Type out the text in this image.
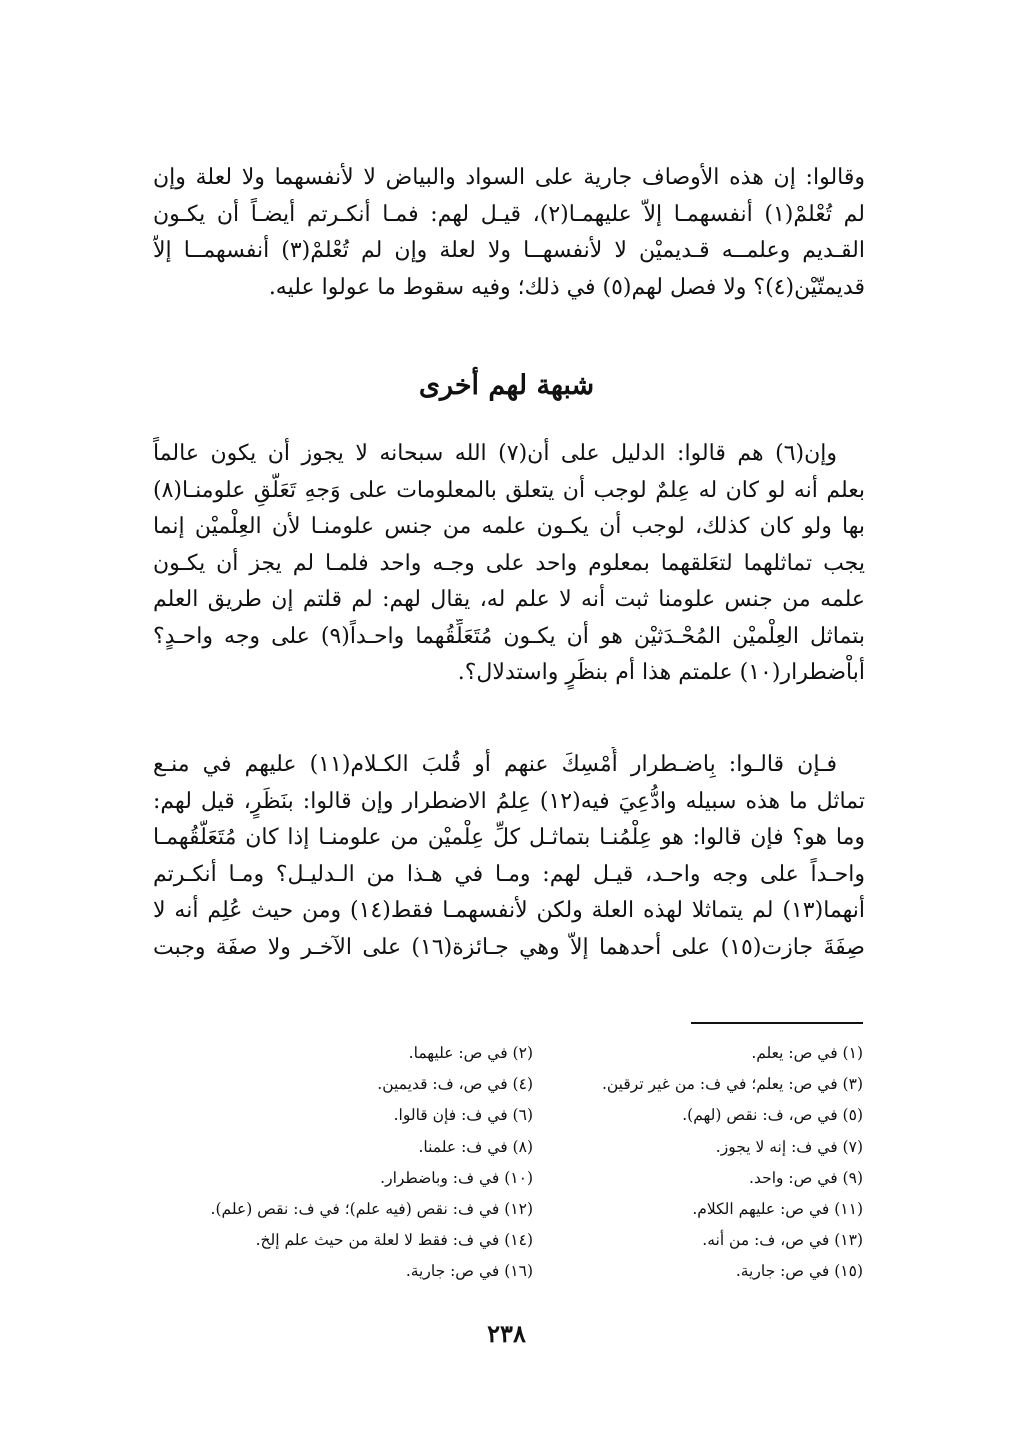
وقالوا: إن هذه الأوصاف جارية على السواد والبياض لا لأنفسهما ولا لعلة وإن
لم تُعْلمْ(١) أنفسهمـا إلاّ عليهمـا(٢)، قيـل لهم: فمـا أنكـرتم أيضـاً أن يكـون
القـديم وعلمــه قـديميْن لا لأنفسهــا ولا لعلة وإن لم تُعْلمْ(٣) أنفسهمــا إلاّ
قديمتّيْن(٤)؟ ولا فصل لهم(٥) في ذلك؛ وفيه سقوط ما عولوا عليه.
شبهة لهم أخرى
وإن(٦) هم قالوا: الدليل على أن(٧) الله سبحانه لا يجوز أن يكون عالماً
بعلم أنه لو كان له عِلمٌ لوجب أن يتعلق بالمعلومات على وَجهِ تَعَلُّقِ علومنـا(٨)
بها ولو كان كذلك، لوجب أن يكـون علمه من جنس علومنـا لأن العِلْميْن إنما
يجب تماثلهما لتعَلقهما بمعلوم واحد على وجـه واحد فلمـا لم يجز أن يكـون
علمه من جنس علومنا ثبت أنه لا علم له، يقال لهم: لم قلتم إن طريق العلم
بتماثل العِلْميْن المُحْـدَثيْن هو أن يكـون مُتَعَلِّقُهما واحـداً(٩) على وجه واحـدٍ؟
أباْضطرار(١٠) علمتم هذا أم بنظَرٍ واستدلال؟.
فـإن قالـوا: بِاضـطرار أُمْسِكَ عنهم أو قُلبَ الكـلام(١١) عليهم في منـع
تماثل ما هذه سبيله وادُّعِيَ فيه(١٢) عِلمُ الاضطرار وإن قالوا: بنَظَرٍ، قيل لهم:
وما هو؟ فإن قالوا: هو عِلْمُنـا بتماثـل كلِّ عِلْميْن من علومنـا إذا كان مُتَعَلَّقُهمـا
واحـداً على وجه واحـد، قيـل لهم: ومـا في هـذا من الـدليـل؟ ومـا أنكـرتم
أنهما(١٣) لم يتماثلا لهذه العلة ولكن لأنفسهمـا فقط(١٤) ومن حيث عُلِم أنه لا
صِفَةَ جازت(١٥) على أحدهما إلاّ وهي جـائزة(١٦) على الآخـر ولا صفَة وجبت
(١) في ص: يعلم.
(٢) في ص: عليهما.
(٣) في ص: يعلم؛ في ف: من غير ترقين.
(٤) في ص، ف: قديمين.
(٥) في ص، ف: نقص (لهم).
(٦) في ف: فإن قالوا.
(٧) في ف: إنه لا يجوز.
(٨) في ف: علمنا.
(٩) في ص: واحد.
(١٠) في ف: وباضطرار.
(١١) في ص: عليهم الكلام.
(١٢) في ف: نقص (فيه علم)؛ في ف: نقص (علم).
(١٣) في ص، ف: من أنه.
(١٤) في ف: فقط لا لعلة من حيث علم إلخ.
(١٥) في ص: جارية.
(١٦) في ص: جارية.
٢٣٨
